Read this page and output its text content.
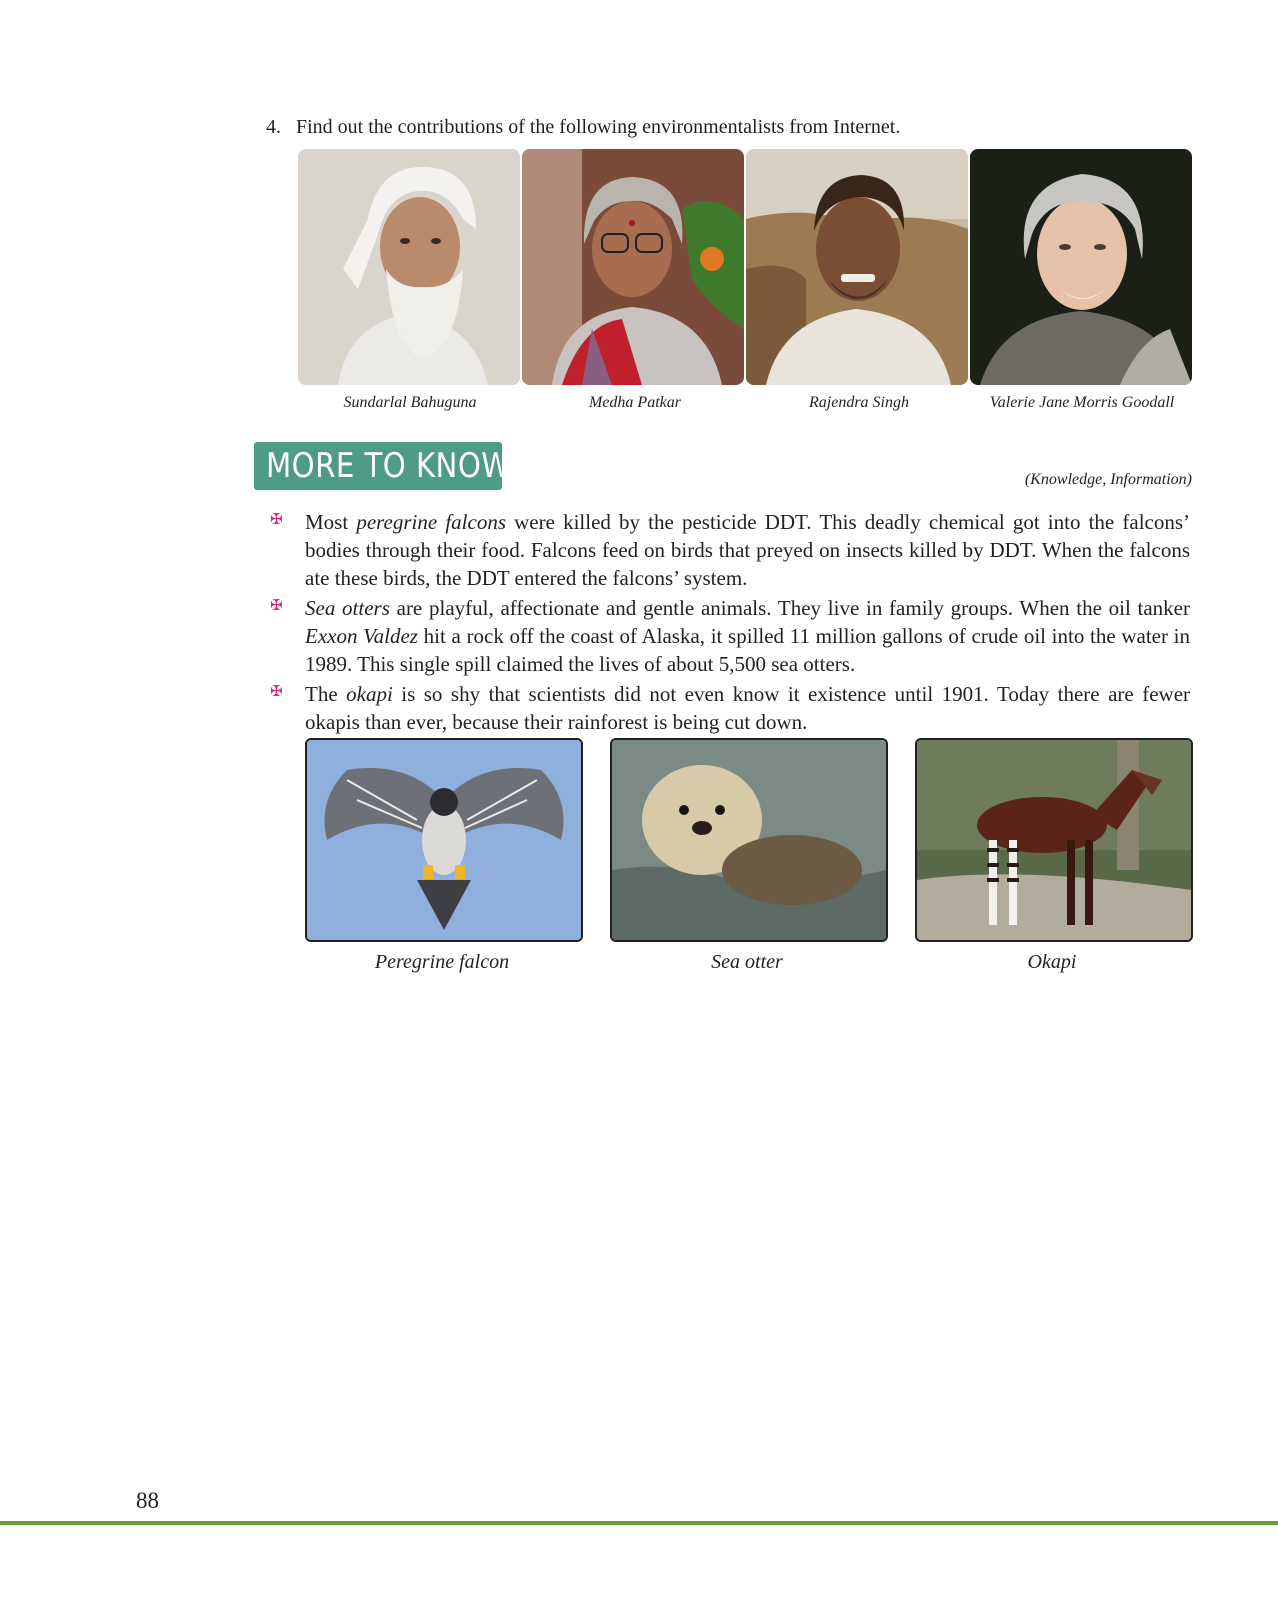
4. Find out the contributions of the following environmentalists from Internet.
Sundarlal Bahuguna	Medha Patkar	Rajendra Singh	Valerie Jane Morris Goodall
MORE TO KNOW	(Knowledge, Information)
✠ Most peregrine falcons were killed by the pesticide DDT. This deadly chemical got into the falcons’ bodies through their food. Falcons feed on birds that preyed on insects killed by DDT. When the falcons ate these birds, the DDT entered the falcons’ system.
✠ Sea otters are playful, affectionate and gentle animals. They live in family groups. When the oil tanker Exxon Valdez hit a rock off the coast of Alaska, it spilled 11 million gallons of crude oil into the water in 1989. This single spill claimed the lives of about 5,500 sea otters.
✠ The okapi is so shy that scientists did not even know it existence until 1901. Today there are fewer okapis than ever, because their rainforest is being cut down.
Peregrine falcon	Sea otter	Okapi
88
